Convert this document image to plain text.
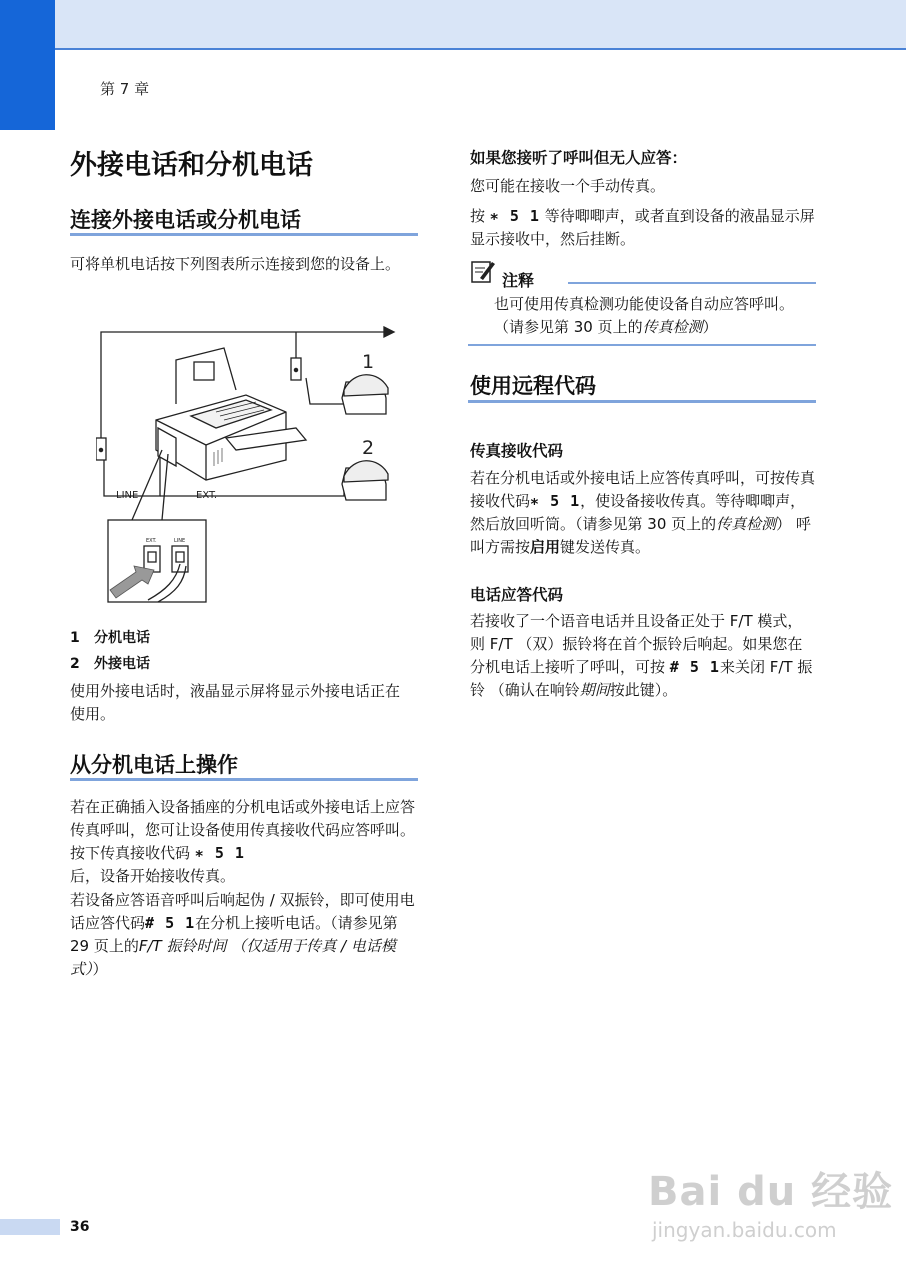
第 7 章
外接电话和分机电话
连接外接电话或分机电话

可将单机电话按下列图表所示连接到您的设备上。

1
2
LINE	EXT.
EXT.	LINE
1 分机电话
2 外接电话

使用外接电话时，液晶显示屏将显示外接电话正在使用。

从分机电话上操作

若在正确插入设备插座的分机电话或外接电话上应答传真呼叫，您可让设备使用传真接收代码应答呼叫。按下传真接收代码 ∗ 5 1
后，设备开始接收传真。

若设备应答语音呼叫后响起伪 / 双振铃，即可使用电话应答代码# 5 1在分机上接听电话。（请参见第 29 页上的F/T 振铃时间 （仅适用于传真 / 电话模式））

如果您接听了呼叫但无人应答：

您可能在接收一个手动传真。

按 ∗ 5 1 等待唧唧声，或者直到设备的液晶显示屏显示接收中，然后挂断。

注释

也可使用传真检测功能使设备自动应答呼叫。（请参见第 30 页上的传真检测）

使用远程代码
传真接收代码

若在分机电话或外接电话上应答传真呼叫，可按传真接收代码∗ 5 1，使设备接收传真。等待唧唧声，然后放回听筒。（请参见第 30 页上的传真检测） 呼叫方需按启用键发送传真。

电话应答代码

若接收了一个语音电话并且设备正处于 F/T 模式，则 F/T （双）振铃将在首个振铃后响起。如果您在分机电话上接听了呼叫，可按 # 5 1来关闭 F/T 振铃 （确认在响铃期间按此键）。

36
Bai du 经验
jingyan.baidu.com
